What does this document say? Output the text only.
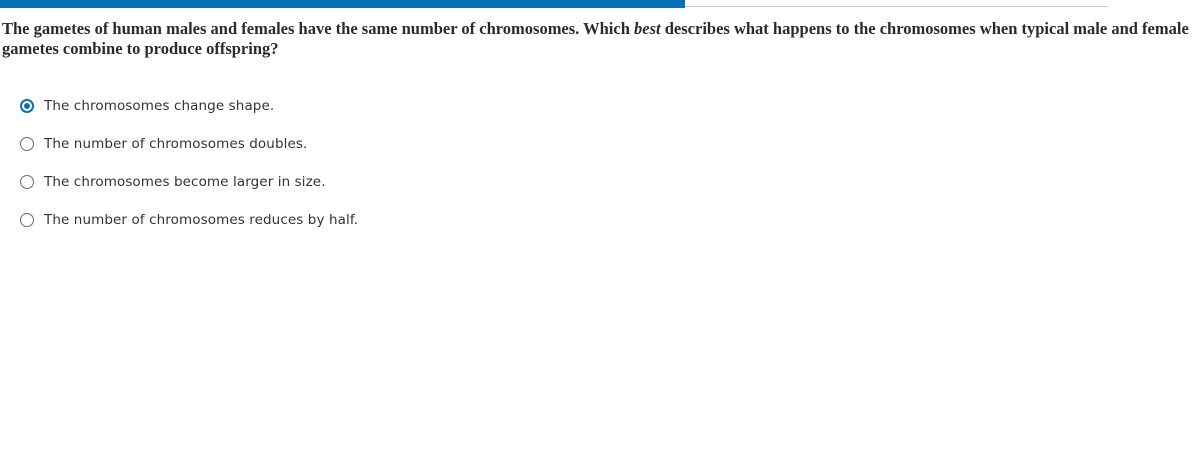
The gametes of human males and females have the same number of chromosomes. Which best describes what happens to the chromosomes when typical male and female
gametes combine to produce offspring?
The chromosomes change shape.
The number of chromosomes doubles.
The chromosomes become larger in size.
The number of chromosomes reduces by half.
